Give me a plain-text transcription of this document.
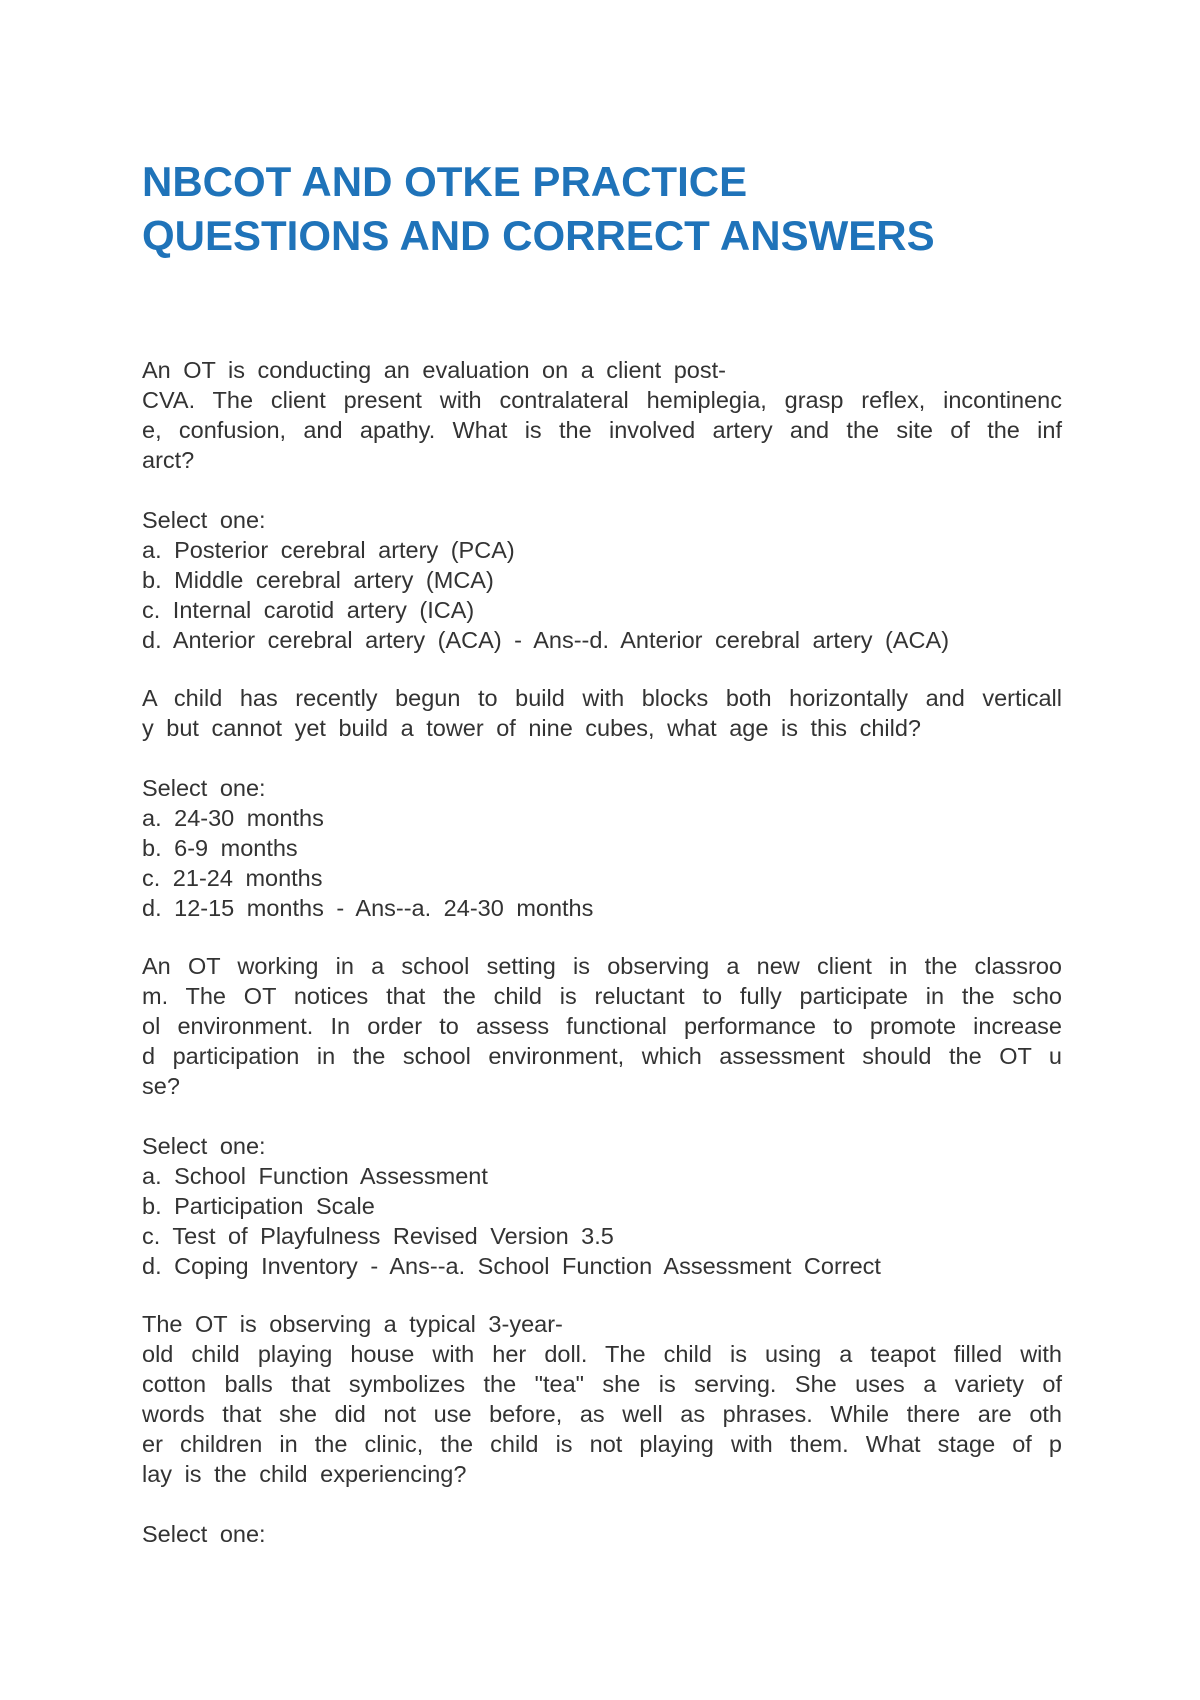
NBCOT AND OTKE PRACTICE
QUESTIONS AND CORRECT ANSWERS
An OT is conducting an evaluation on a client post-
CVA. The client present with contralateral hemiplegia, grasp reflex, incontinenc
e, confusion, and apathy. What is the involved artery and the site of the inf
arct?
Select one:
a. Posterior cerebral artery (PCA)
b. Middle cerebral artery (MCA)
c. Internal carotid artery (ICA)
d. Anterior cerebral artery (ACA) - Ans--d. Anterior cerebral artery (ACA)
A child has recently begun to build with blocks both horizontally and verticall
y but cannot yet build a tower of nine cubes, what age is this child?
Select one:
a. 24-30 months
b. 6-9 months
c. 21-24 months
d. 12-15 months - Ans--a. 24-30 months
An OT working in a school setting is observing a new client in the classroo
m. The OT notices that the child is reluctant to fully participate in the scho
ol environment. In order to assess functional performance to promote increase
d participation in the school environment, which assessment should the OT u
se?
Select one:
a. School Function Assessment
b. Participation Scale
c. Test of Playfulness Revised Version 3.5
d. Coping Inventory - Ans--a. School Function Assessment Correct
The OT is observing a typical 3-year-
old child playing house with her doll. The child is using a teapot filled with
cotton balls that symbolizes the "tea" she is serving. She uses a variety of
words that she did not use before, as well as phrases. While there are oth
er children in the clinic, the child is not playing with them. What stage of p
lay is the child experiencing?
Select one:
